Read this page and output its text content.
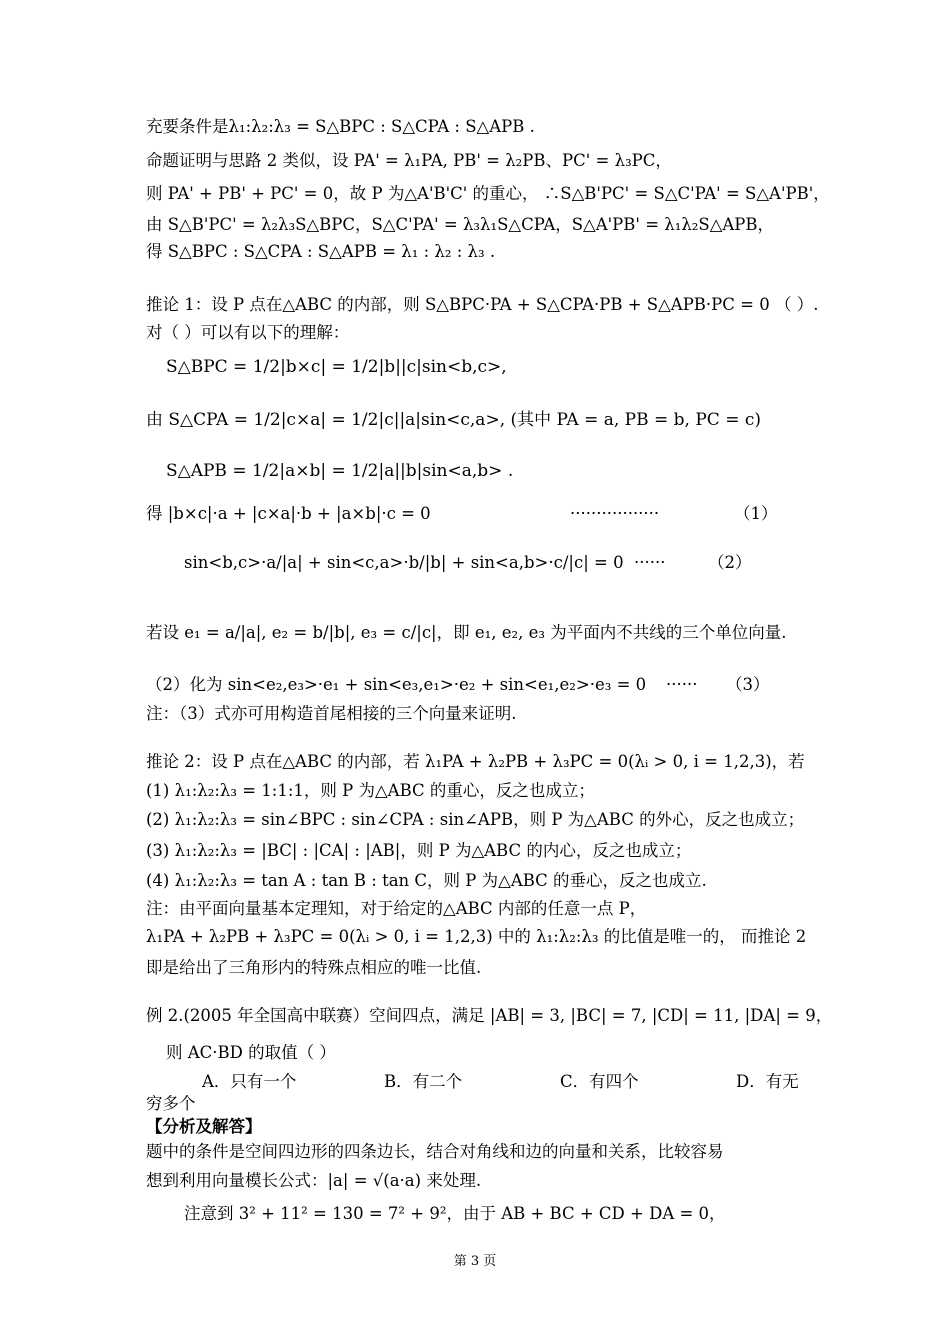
充要条件是λ₁:λ₂:λ₃ = S△BPC : S△CPA : S△APB .
命题证明与思路 2 类似，设 PA' = λ₁PA, PB' = λ₂PB、PC' = λ₃PC，
则 PA' + PB' + PC' = 0，故 P 为△A'B'C' 的重心， ∴S△B'PC' = S△C'PA' = S△A'PB'，
由 S△B'PC' = λ₂λ₃S△BPC，S△C'PA' = λ₃λ₁S△CPA，S△A'PB' = λ₁λ₂S△APB，
得 S△BPC : S△CPA : S△APB = λ₁ : λ₂ : λ₃ .
推论 1：设 P 点在△ABC 的内部，则 S△BPC·PA + S△CPA·PB + S△APB·PC = 0 （ ）.
对（ ）可以有以下的理解：
S△BPC = 1/2|b×c| = 1/2|b||c|sin<b,c>,
由 S△CPA = 1/2|c×a| = 1/2|c||a|sin<c,a>, (其中 PA = a, PB = b, PC = c)
S△APB = 1/2|a×b| = 1/2|a||b|sin<a,b> .
得 |b×c|·a + |c×a|·b + |a×b|·c = 0	·················	（1）
sin<b,c>·a/|a| + sin<c,a>·b/|b| + sin<a,b>·c/|c| = 0 ······	（2）
若设 e₁ = a/|a|, e₂ = b/|b|, e₃ = c/|c|，即 e₁, e₂, e₃ 为平面内不共线的三个单位向量.
（2）化为 sin<e₂,e₃>·e₁ + sin<e₃,e₁>·e₂ + sin<e₁,e₂>·e₃ = 0 ······ （3）
注：（3）式亦可用构造首尾相接的三个向量来证明.
推论 2：设 P 点在△ABC 的内部，若 λ₁PA + λ₂PB + λ₃PC = 0(λᵢ > 0, i = 1,2,3)，若
(1) λ₁:λ₂:λ₃ = 1:1:1，则 P 为△ABC 的重心，反之也成立；
(2) λ₁:λ₂:λ₃ = sin∠BPC : sin∠CPA : sin∠APB，则 P 为△ABC 的外心，反之也成立；
(3) λ₁:λ₂:λ₃ = |BC| : |CA| : |AB|，则 P 为△ABC 的内心，反之也成立；
(4) λ₁:λ₂:λ₃ = tan A : tan B : tan C，则 P 为△ABC 的垂心，反之也成立.
注：由平面向量基本定理知，对于给定的△ABC 内部的任意一点 P，
λ₁PA + λ₂PB + λ₃PC = 0(λᵢ > 0, i = 1,2,3) 中的 λ₁:λ₂:λ₃ 的比值是唯一的， 而推论 2
即是给出了三角形内的特殊点相应的唯一比值.
例 2.(2005 年全国高中联赛）空间四点，满足 |AB| = 3, |BC| = 7, |CD| = 11, |DA| = 9，
则 AC·BD 的取值（ ）
A．只有一个	B．有二个	C．有四个	D．有无
穷多个
【分析及解答】
题中的条件是空间四边形的四条边长，结合对角线和边的向量和关系，比较容易
想到利用向量模长公式：|a| = √(a·a) 来处理.
注意到 3² + 11² = 130 = 7² + 9²，由于 AB + BC + CD + DA = 0，
第 3 页
